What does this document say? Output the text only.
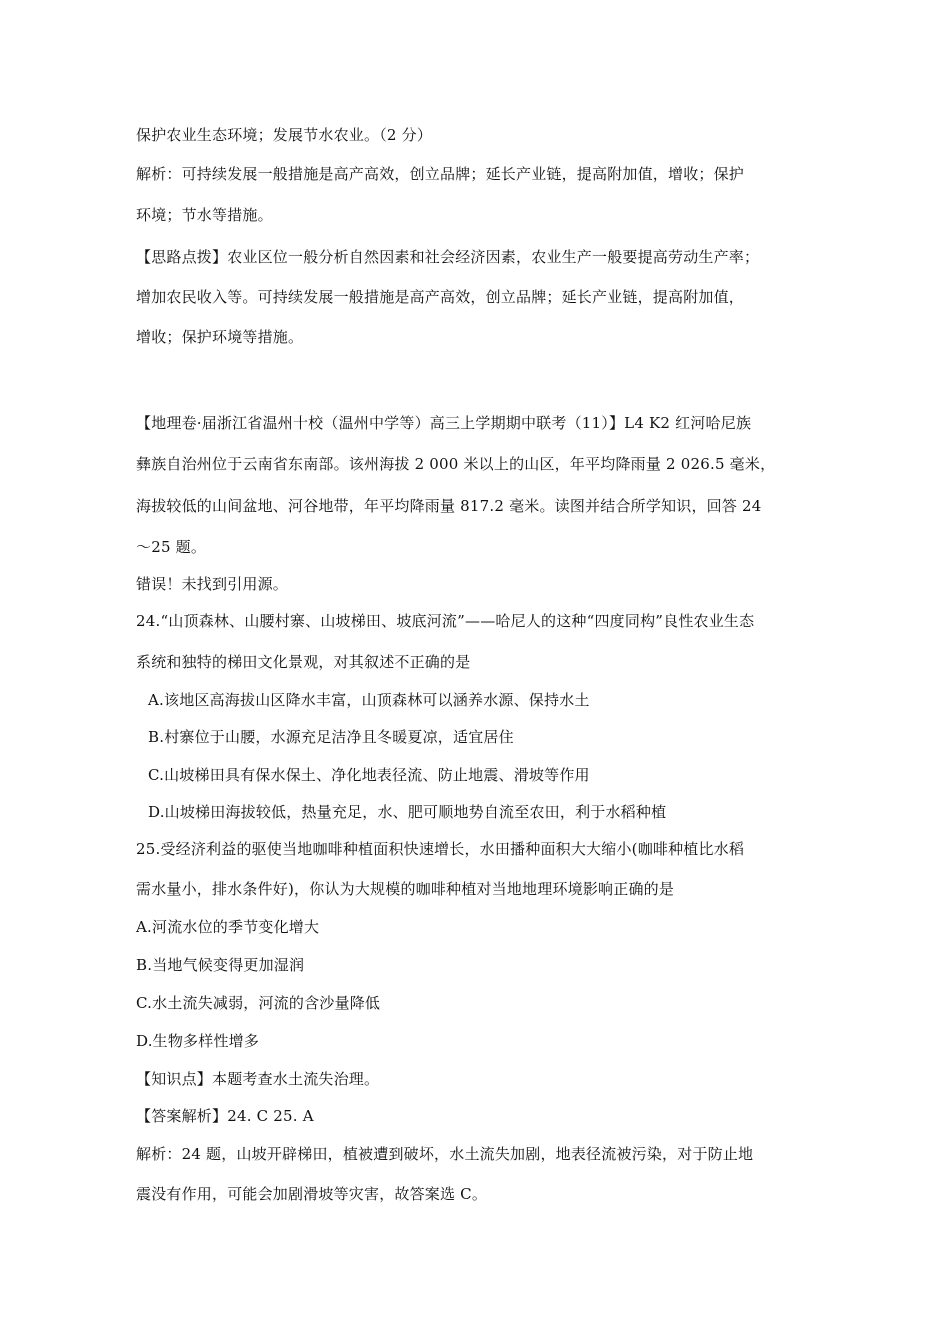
保护农业生态环境；发展节水农业。（2 分）
解析：可持续发展一般措施是高产高效，创立品牌；延长产业链，提高附加值，增收；保护
环境；节水等措施。
【思路点拨】农业区位一般分析自然因素和社会经济因素，农业生产一般要提高劳动生产率；
增加农民收入等。可持续发展一般措施是高产高效，创立品牌；延长产业链，提高附加值，
增收；保护环境等措施。
【地理卷·届浙江省温州十校（温州中学等）高三上学期期中联考（11）】L4 K2 红河哈尼族
彝族自治州位于云南省东南部。该州海拔 2 000 米以上的山区，年平均降雨量 2 026.5 毫米，
海拔较低的山间盆地、河谷地带，年平均降雨量 817.2 毫米。读图并结合所学知识，回答 24
～25 题。
错误！未找到引用源。
24.“山顶森林、山腰村寨、山坡梯田、坡底河流”——哈尼人的这种“四度同构”良性农业生态
系统和独特的梯田文化景观，对其叙述不正确的是
A.该地区高海拔山区降水丰富，山顶森林可以涵养水源、保持水土
B.村寨位于山腰，水源充足洁净且冬暖夏凉，适宜居住
C.山坡梯田具有保水保土、净化地表径流、防止地震、滑坡等作用
D.山坡梯田海拔较低，热量充足，水、肥可顺地势自流至农田，利于水稻种植
25.受经济利益的驱使当地咖啡种植面积快速增长，水田播种面积大大缩小(咖啡种植比水稻
需水量小，排水条件好)，你认为大规模的咖啡种植对当地地理环境影响正确的是
A.河流水位的季节变化增大
B.当地气候变得更加湿润
C.水土流失减弱，河流的含沙量降低
D.生物多样性增多
【知识点】本题考查水土流失治理。
【答案解析】24. C 25. A
解析：24 题，山坡开辟梯田，植被遭到破坏，水土流失加剧，地表径流被污染，对于防止地
震没有作用，可能会加剧滑坡等灾害，故答案选 C。
